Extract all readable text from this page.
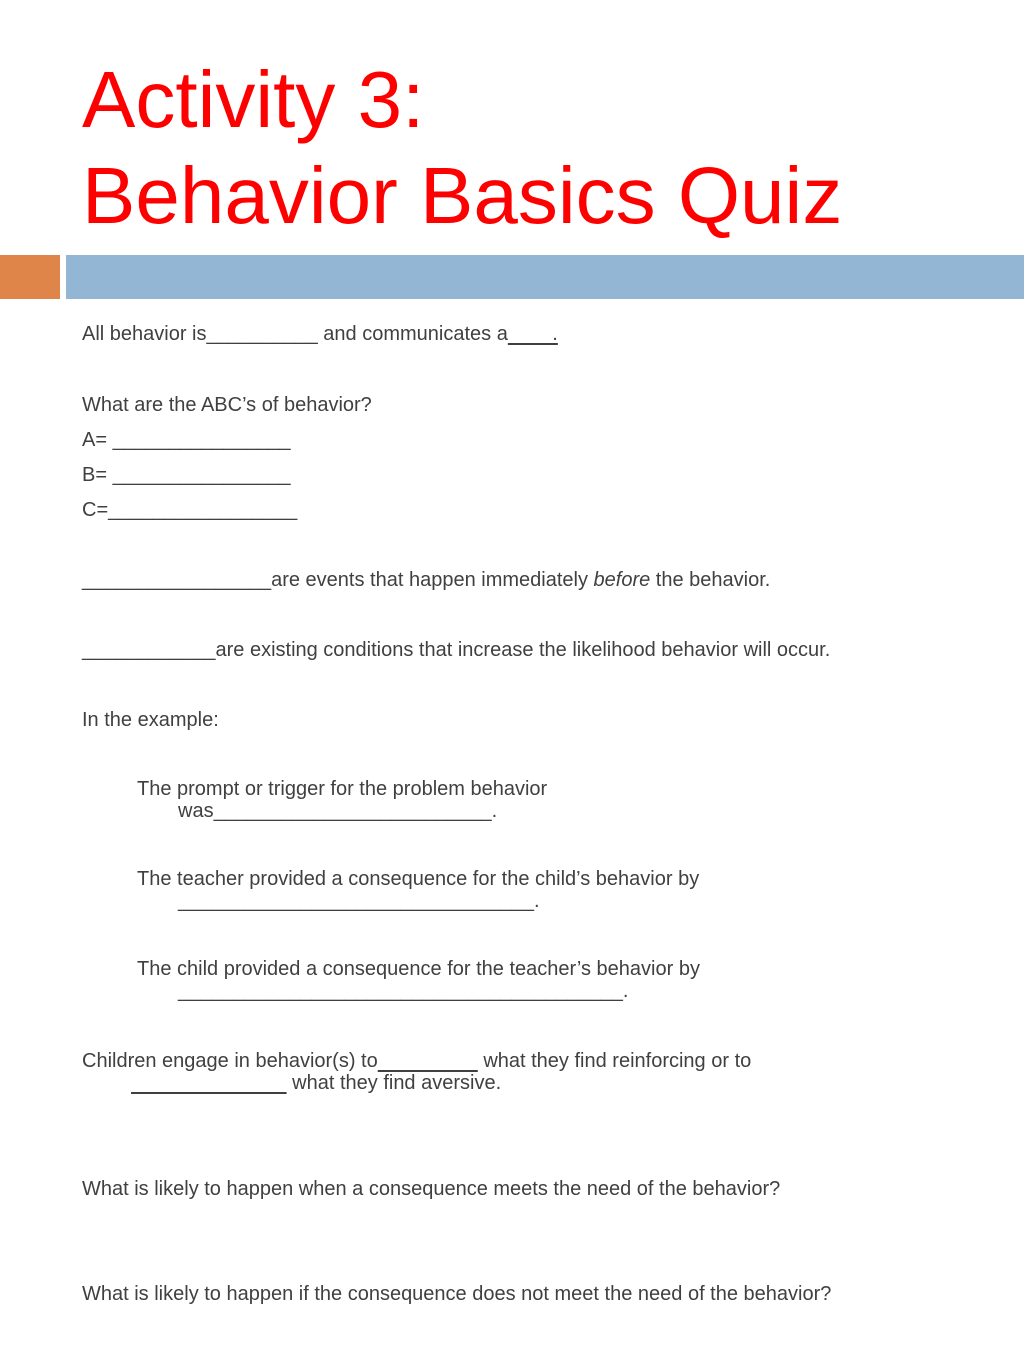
Activity 3:
Behavior Basics Quiz
All behavior is__________ and communicates a        .
What are the ABC’s of behavior?
A= ________________
B= ________________
C=_________________
_________________are events that happen immediately before the behavior.
____________are existing conditions that increase the likelihood behavior will occur.
In the example:
The prompt or trigger for the problem behavior
was_________________________.
The teacher provided a consequence for the child’s behavior by
________________________________.
The child provided a consequence for the teacher’s behavior by
________________________________________.
Children engage in behavior(s) to	what they find reinforcing or to
what they find aversive.
What is likely to happen when a consequence meets the need of the behavior?
What is likely to happen if the consequence does not meet the need of the behavior?
